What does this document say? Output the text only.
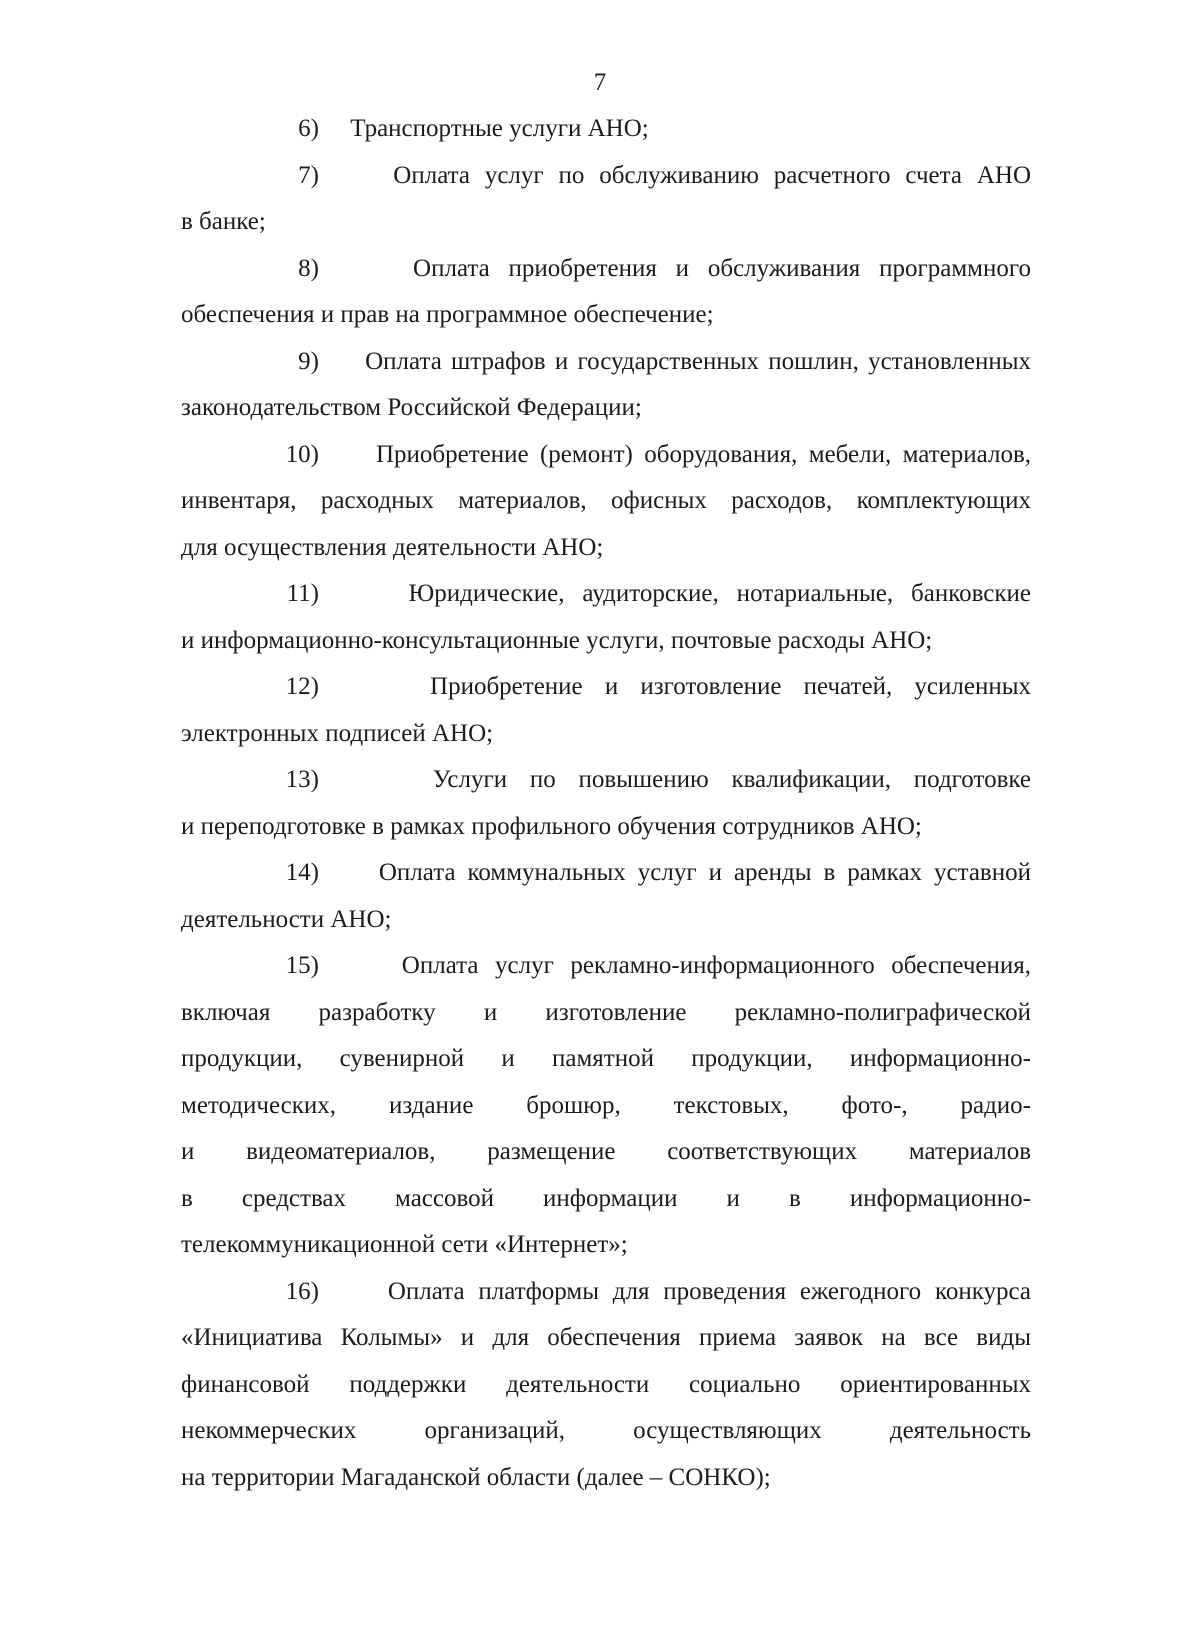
7
6) Транспортные услуги АНО;
7)	Оплата услуг по обслуживанию расчетного счета АНО
в банке;
8)	Оплата приобретения и обслуживания программного
обеспечения и прав на программное обеспечение;
9) Оплата штрафов и государственных пошлин, установленных
законодательством Российской Федерации;
10) Приобретение (ремонт) оборудования, мебели, материалов,
инвентаря, расходных материалов, офисных расходов, комплектующих
для осуществления деятельности АНО;
11)	Юридические, аудиторские, нотариальные, банковские
и информационно-консультационные услуги, почтовые расходы АНО;
12)	Приобретение и изготовление печатей, усиленных
электронных подписей АНО;
13)	Услуги по повышению квалификации, подготовке
и переподготовке в рамках профильного обучения сотрудников АНО;
14) Оплата коммунальных услуг и аренды в рамках уставной
деятельности АНО;
15)	Оплата услуг рекламно-информационного обеспечения,
включая разработку и изготовление рекламно-полиграфической
продукции, сувенирной и памятной продукции, информационно-
методических, издание брошюр, текстовых, фото-, радио-
и видеоматериалов, размещение соответствующих материалов
в средствах массовой информации и в информационно-
телекоммуникационной сети «Интернет»;
16)	Оплата платформы для проведения ежегодного конкурса
«Инициатива Колымы» и для обеспечения приема заявок на все виды
финансовой поддержки деятельности социально ориентированных
некоммерческих организаций, осуществляющих деятельность
на территории Магаданской области (далее – СОНКО);
